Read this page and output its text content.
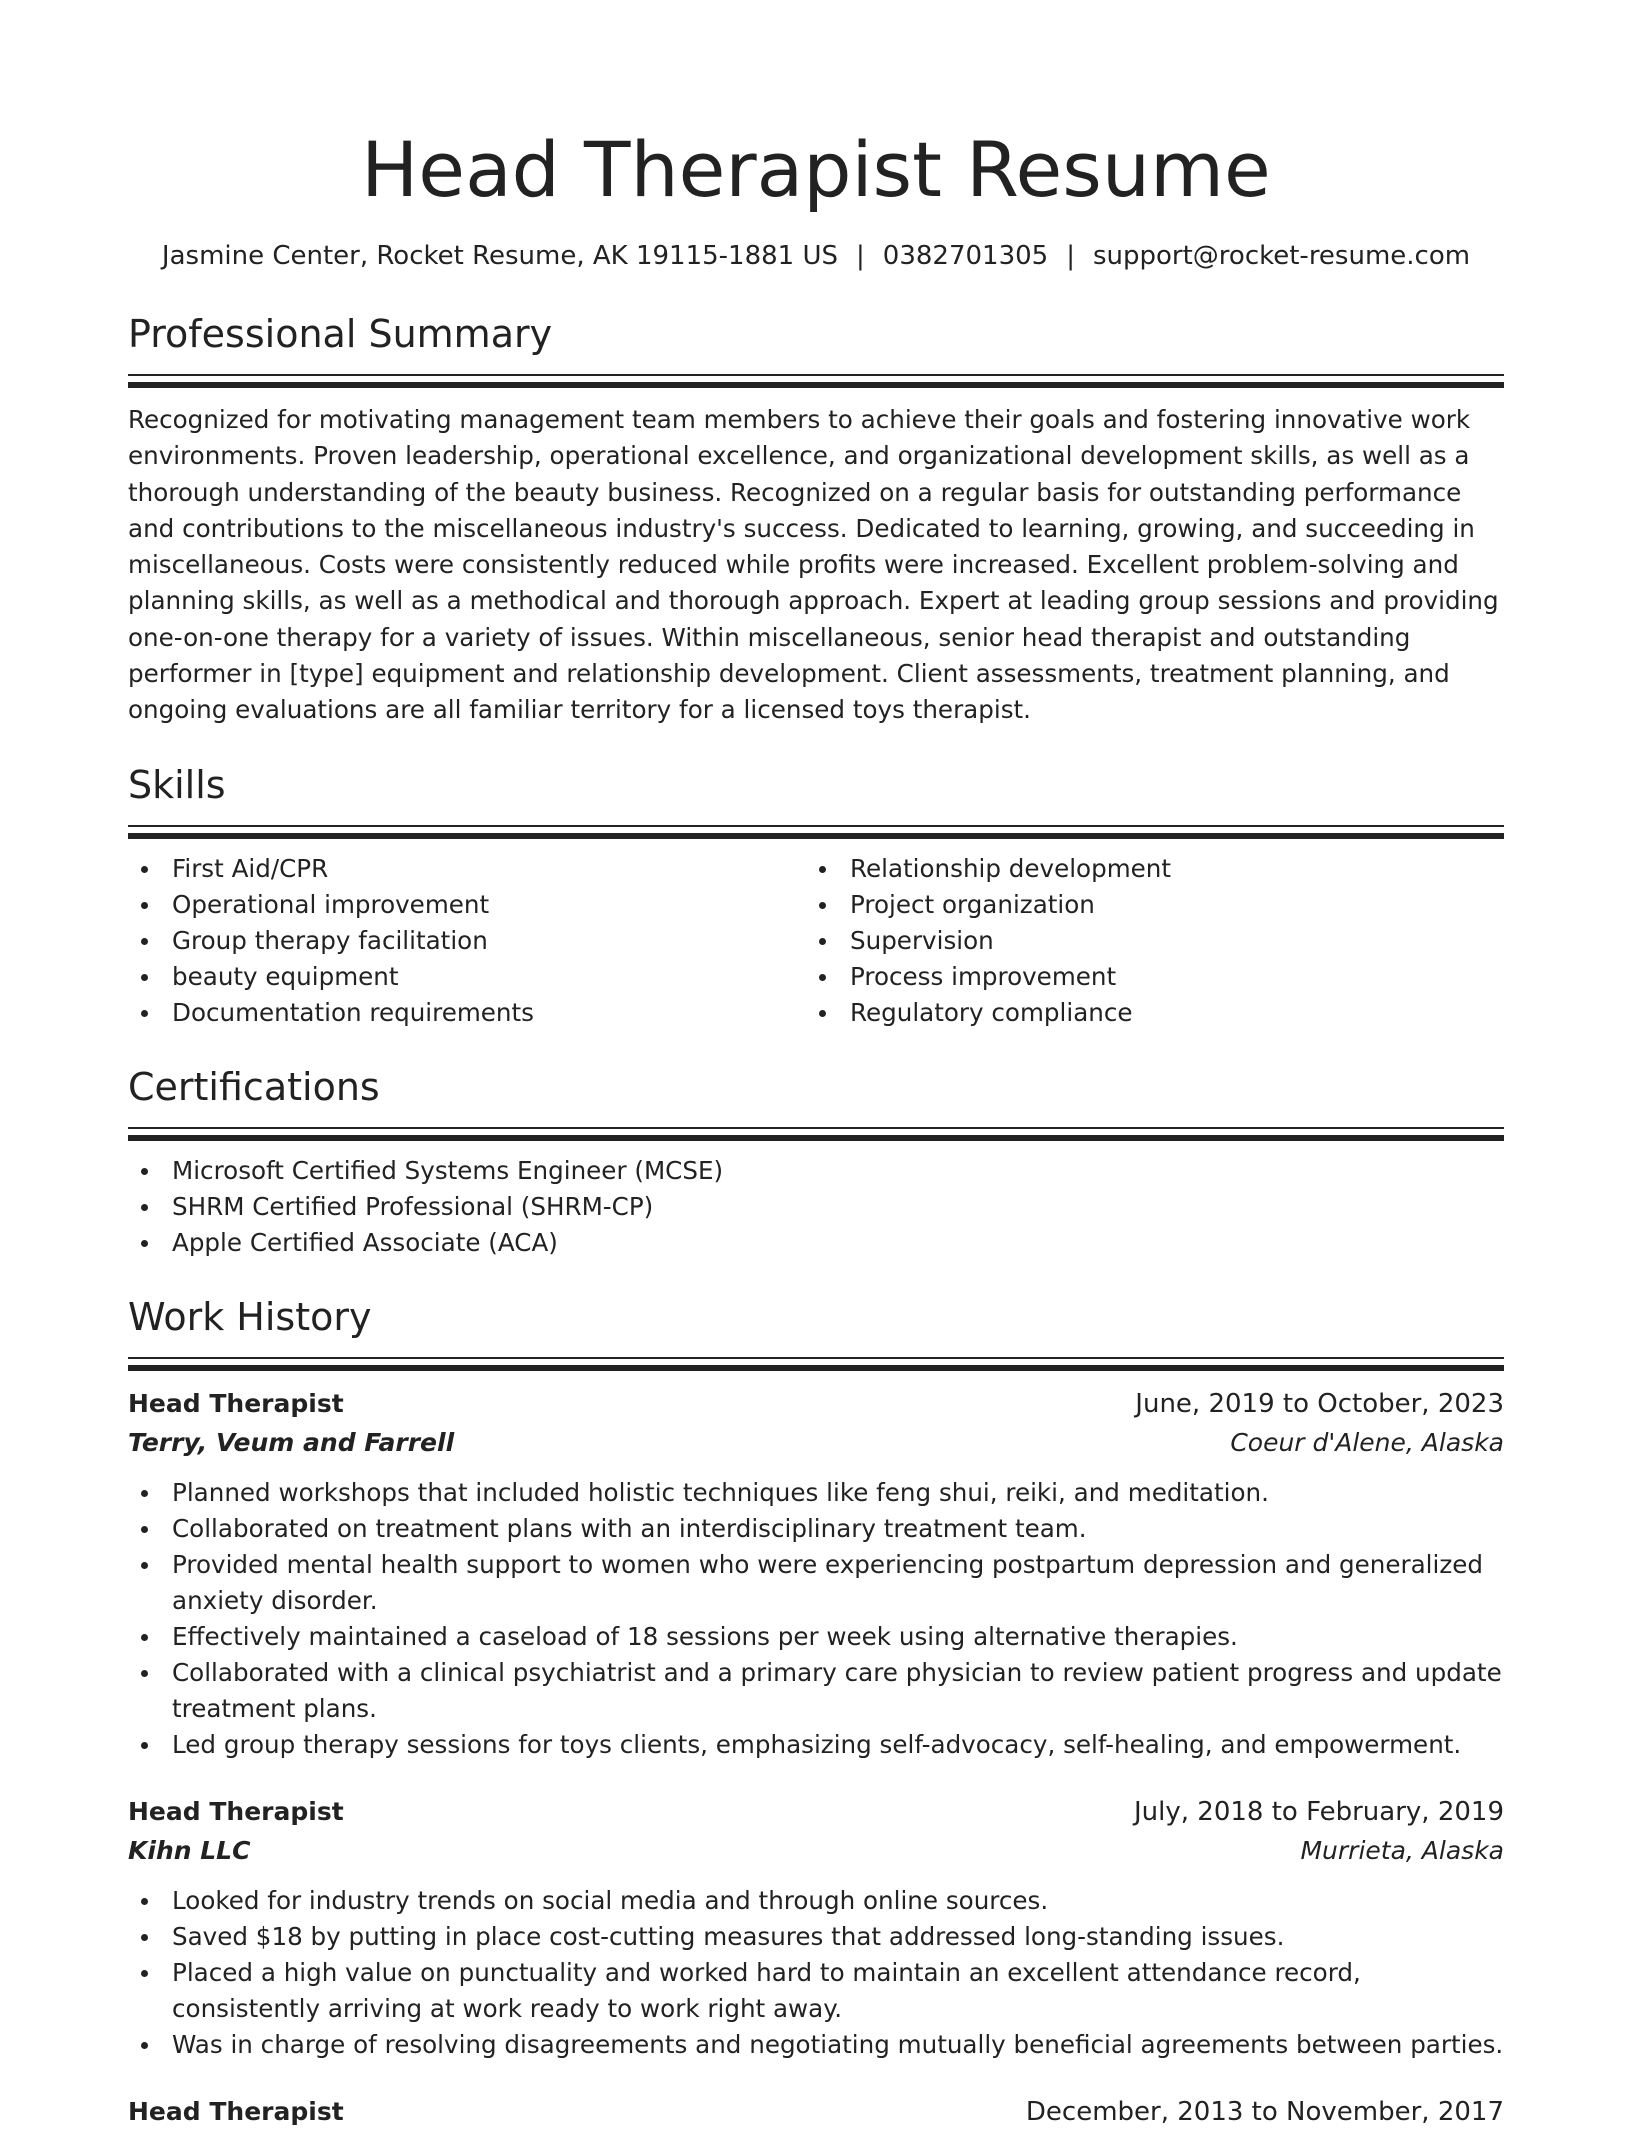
Head Therapist Resume
Jasmine Center, Rocket Resume, AK 19115-1881 US | 0382701305 | support@rocket-resume.com
Professional Summary

Recognized for motivating management team members to achieve their goals and fostering innovative work environments. Proven leadership, operational excellence, and organizational development skills, as well as a thorough understanding of the beauty business. Recognized on a regular basis for outstanding performance and contributions to the miscellaneous industry's success. Dedicated to learning, growing, and succeeding in miscellaneous. Costs were consistently reduced while profits were increased. Excellent problem-solving and planning skills, as well as a methodical and thorough approach. Expert at leading group sessions and providing one-on-one therapy for a variety of issues. Within miscellaneous, senior head therapist and outstanding performer in [type] equipment and relationship development. Client assessments, treatment planning, and ongoing evaluations are all familiar territory for a licensed toys therapist.

Skills
First Aid/CPR
Operational improvement
Group therapy facilitation
beauty equipment
Documentation requirements
Relationship development
Project organization
Supervision
Process improvement
Regulatory compliance
Certifications
Microsoft Certified Systems Engineer (MCSE)
SHRM Certified Professional (SHRM-CP)
Apple Certified Associate (ACA)
Work History
Head Therapist	June, 2019 to October, 2023
Terry, Veum and Farrell	Coeur d'Alene, Alaska
Planned workshops that included holistic techniques like feng shui, reiki, and meditation.
Collaborated on treatment plans with an interdisciplinary treatment team.
Provided mental health support to women who were experiencing postpartum depression and generalized anxiety disorder.
Effectively maintained a caseload of 18 sessions per week using alternative therapies.
Collaborated with a clinical psychiatrist and a primary care physician to review patient progress and update treatment plans.
Led group therapy sessions for toys clients, emphasizing self-advocacy, self-healing, and empowerment.
Head Therapist	July, 2018 to February, 2019
Kihn LLC	Murrieta, Alaska
Looked for industry trends on social media and through online sources.
Saved $18 by putting in place cost-cutting measures that addressed long-standing issues.
Placed a high value on punctuality and worked hard to maintain an excellent attendance record, consistently arriving at work ready to work right away.
Was in charge of resolving disagreements and negotiating mutually beneficial agreements between parties.
Head Therapist	December, 2013 to November, 2017
